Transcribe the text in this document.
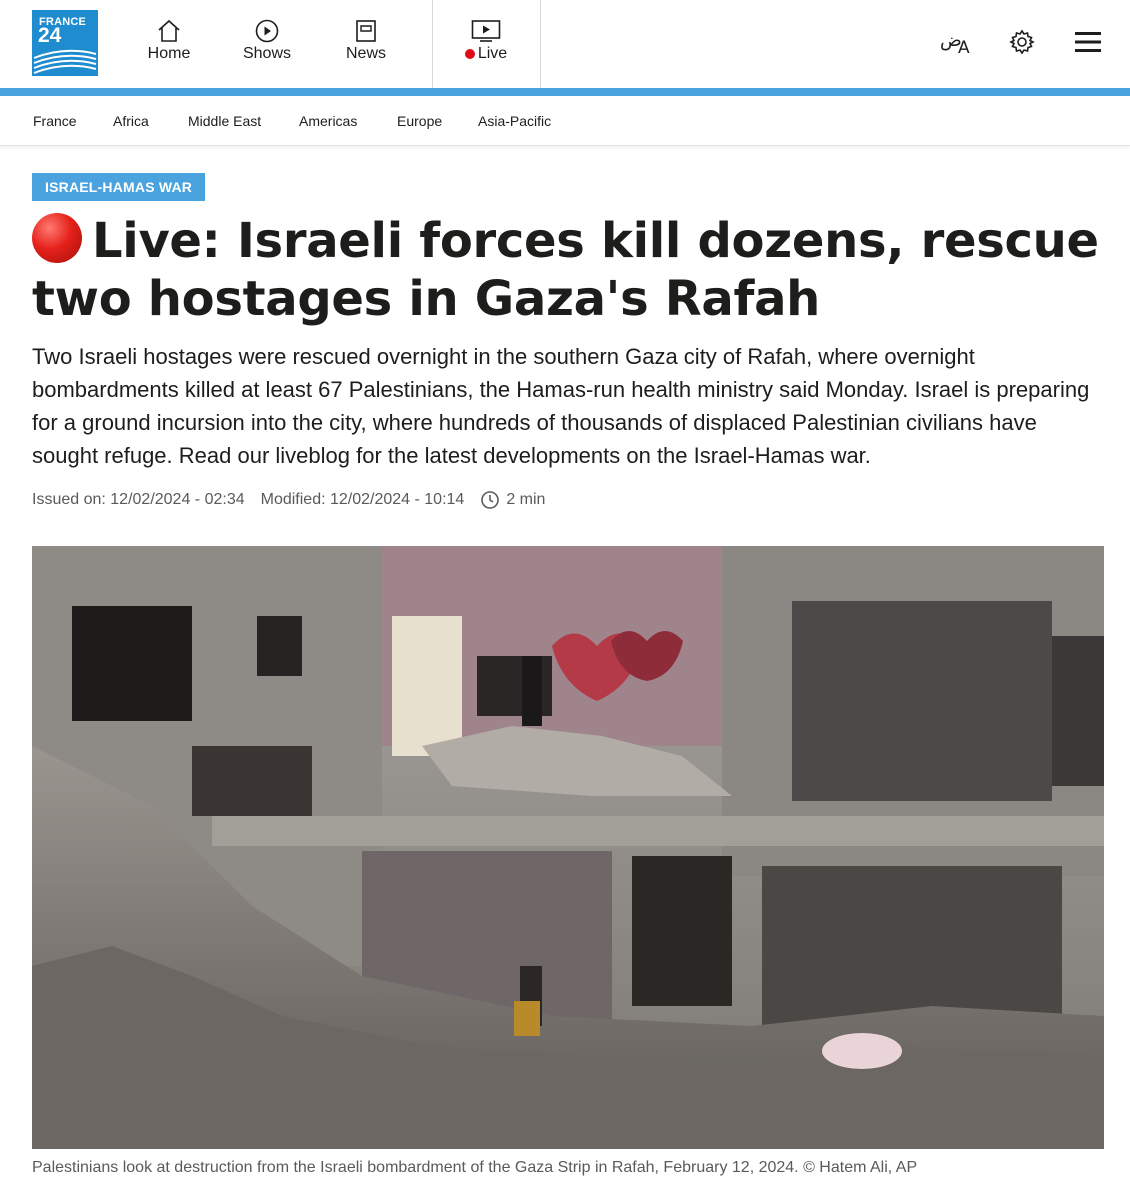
FRANCE
24
Home	Shows	News	Live
ض
A
France	Africa	Middle East	Americas	Europe	Asia-Pacific
ISRAEL-HAMAS WAR
Live: Israeli forces kill dozens, rescue two hostages in Gaza's Rafah

Two Israeli hostages were rescued overnight in the southern Gaza city of Rafah, where overnight bombardments killed at least 67 Palestinians, the Hamas-run health ministry said Monday. Israel is preparing for a ground incursion into the city, where hundreds of thousands of displaced Palestinian civilians have sought refuge. Read our liveblog for the latest developments on the Israel-Hamas war.

Issued on: 12/02/2024 - 02:34 Modified: 12/02/2024 - 10:14	2 min
Palestinians look at destruction from the Israeli bombardment of the Gaza Strip in Rafah, February 12, 2024. © Hatem Ali, AP
